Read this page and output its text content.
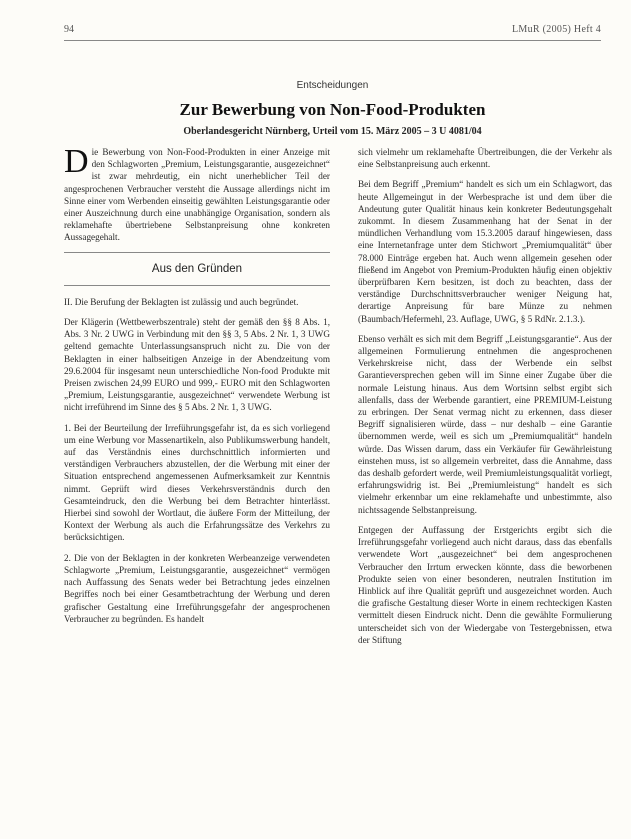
94	LMuR (2005) Heft 4
Entscheidungen
Zur Bewerbung von Non-Food-Produkten
Oberlandesgericht Nürnberg, Urteil vom 15. März 2005 – 3 U 4081/04

Die Bewerbung von Non-Food-Produkten in einer Anzeige mit den Schlagworten „Premium, Leistungsgarantie, ausgezeichnet“ ist zwar mehrdeutig, ein nicht unerheblicher Teil der angesprochenen Verbraucher versteht die Aussage allerdings nicht im Sinne einer vom Werbenden einseitig gewählten Leistungsgarantie oder einer Auszeichnung durch eine unabhängige Organisation, sondern als reklamehafte übertriebene Selbstanpreisung ohne konkreten Aussagegehalt.

Aus den Gründen

II. Die Berufung der Beklagten ist zulässig und auch begründet.

Der Klägerin (Wettbewerbszentrale) steht der gemäß den §§ 8 Abs. 1, Abs. 3 Nr. 2 UWG in Verbindung mit den §§ 3, 5 Abs. 2 Nr. 1, 3 UWG geltend gemachte Unterlassungsanspruch nicht zu. Die von der Beklagten in einer halbseitigen Anzeige in der Abendzeitung vom 29.6.2004 für insgesamt neun unterschiedliche Non-food Produkte mit Preisen zwischen 24,99 EURO und 999,- EURO mit den Schlagworten „Premium, Leistungsgarantie, ausgezeichnet“ verwendete Werbung ist nicht irreführend im Sinne des § 5 Abs. 2 Nr. 1, 3 UWG.

1. Bei der Beurteilung der Irreführungsgefahr ist, da es sich vorliegend um eine Werbung vor Massenartikeln, also Publikumswerbung handelt, auf das Verständnis eines durchschnittlich informierten und verständigen Verbrauchers abzustellen, der die Werbung mit einer der Situation entsprechend angemessenen Aufmerksamkeit zur Kenntnis nimmt. Geprüft wird dieses Verkehrsverständnis durch den Gesamteindruck, den die Werbung bei dem Betrachter hinterlässt. Hierbei sind sowohl der Wortlaut, die äußere Form der Mitteilung, der Kontext der Werbung als auch die Erfahrungssätze des Verkehrs zu berücksichtigen.

2. Die von der Beklagten in der konkreten Werbeanzeige verwendeten Schlagworte „Premium, Leistungsgarantie, ausgezeichnet“ vermögen nach Auffassung des Senats weder bei Betrachtung jedes einzelnen Begriffes noch bei einer Gesamtbetrachtung der Werbung und deren grafischer Gestaltung eine Irreführungsgefahr der angesprochenen Verbraucher zu begründen. Es handelt

sich vielmehr um reklamehafte Übertreibungen, die der Verkehr als eine Selbstanpreisung auch erkennt.

Bei dem Begriff „Premium“ handelt es sich um ein Schlagwort, das heute Allgemeingut in der Werbesprache ist und dem über die Andeutung guter Qualität hinaus kein konkreter Bedeutungsgehalt zukommt. In diesem Zusammenhang hat der Senat in der mündlichen Verhandlung vom 15.3.2005 darauf hingewiesen, dass eine Internetanfrage unter dem Stichwort „Premiumqualität“ über 78.000 Einträge ergeben hat. Auch wenn allgemein gesehen oder fließend im Angebot von Premium-Produkten häufig einen objektiv überprüfbaren Kern besitzen, ist doch zu beachten, dass der verständige Durchschnittsverbraucher weniger Neigung hat, derartige Anpreisung für bare Münze zu nehmen (Baumbach/Hefermehl, 23. Auflage, UWG, § 5 RdNr. 2.1.3.).

Ebenso verhält es sich mit dem Begriff „Leistungsgarantie“. Aus der allgemeinen Formulierung entnehmen die angesprochenen Verkehrskreise nicht, dass der Werbende ein selbst Garantieversprechen geben will im Sinne einer Zugabe über die normale Leistung hinaus. Aus dem Wortsinn selbst ergibt sich allenfalls, dass der Werbende garantiert, eine PREMIUM-Leistung zu erbringen. Der Senat vermag nicht zu erkennen, dass dieser Begriff signalisieren würde, dass – nur deshalb – eine Garantie übernommen werde, weil es sich um „Premiumqualität“ handeln würde. Das Wissen darum, dass ein Verkäufer für Gewährleistung einstehen muss, ist so allgemein verbreitet, dass die Annahme, dass das deshalb gefordert werde, weil Premiumleistungsqualität vorliegt, erfahrungswidrig ist. Bei „Premiumleistung“ handelt es sich vielmehr erkennbar um eine reklamehafte und unbestimmte, also nichtssagende Selbstanpreisung.

Entgegen der Auffassung der Erstgerichts ergibt sich die Irreführungsgefahr vorliegend auch nicht daraus, dass das ebenfalls verwendete Wort „ausgezeichnet“ bei dem angesprochenen Verbraucher den Irrtum erwecken könnte, dass die beworbenen Produkte seien von einer besonderen, neutralen Institution im Hinblick auf ihre Qualität geprüft und ausgezeichnet worden. Auch die grafische Gestaltung dieser Worte in einem rechteckigen Kasten vermittelt diesen Eindruck nicht. Denn die gewählte Formulierung unterscheidet sich von der Wiedergabe von Testergebnissen, etwa der Stiftung
